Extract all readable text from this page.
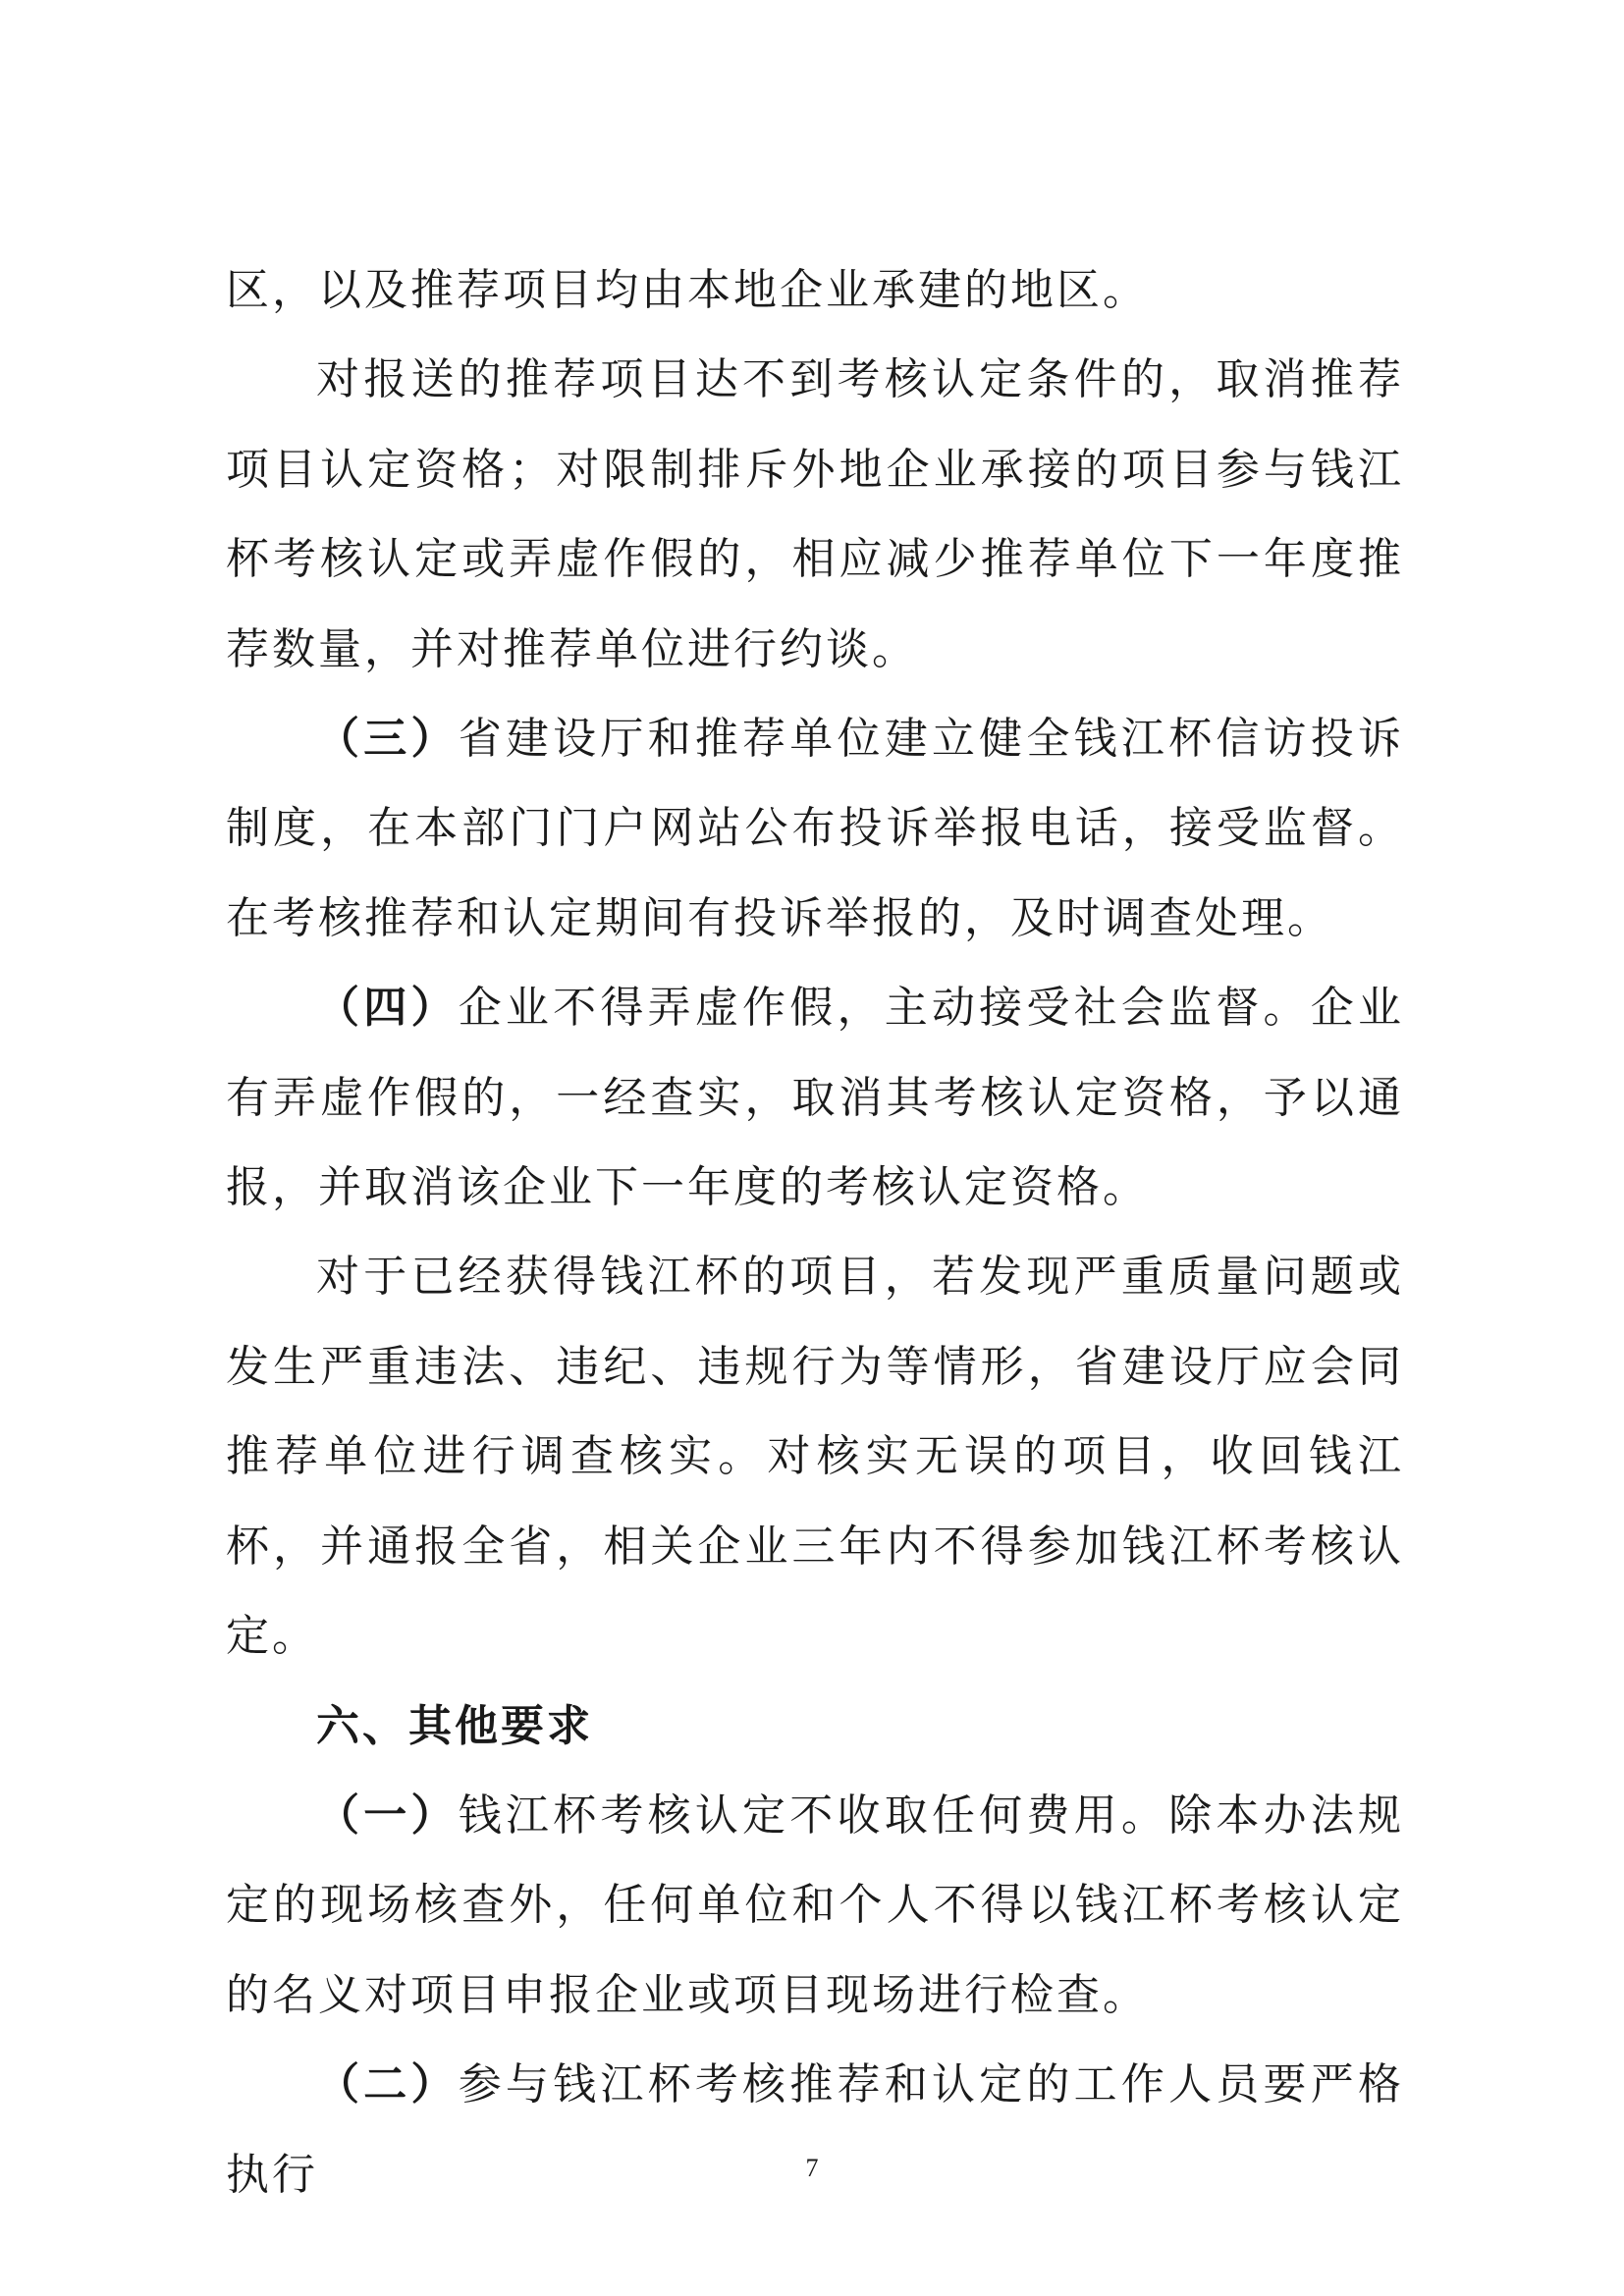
区，以及推荐项目均由本地企业承建的地区。

对报送的推荐项目达不到考核认定条件的，取消推荐项目认定资格；对限制排斥外地企业承接的项目参与钱江杯考核认定或弄虚作假的，相应减少推荐单位下一年度推荐数量，并对推荐单位进行约谈。

（三）省建设厅和推荐单位建立健全钱江杯信访投诉制度，在本部门门户网站公布投诉举报电话，接受监督。在考核推荐和认定期间有投诉举报的，及时调查处理。

（四）企业不得弄虚作假，主动接受社会监督。企业有弄虚作假的，一经查实，取消其考核认定资格，予以通报，并取消该企业下一年度的考核认定资格。

对于已经获得钱江杯的项目，若发现严重质量问题或发生严重违法、违纪、违规行为等情形，省建设厅应会同推荐单位进行调查核实。对核实无误的项目，收回钱江杯，并通报全省，相关企业三年内不得参加钱江杯考核认定。

六、其他要求

（一）钱江杯考核认定不收取任何费用。除本办法规定的现场核查外，任何单位和个人不得以钱江杯考核认定的名义对项目申报企业或项目现场进行检查。

（二）参与钱江杯考核推荐和认定的工作人员要严格执行	7
